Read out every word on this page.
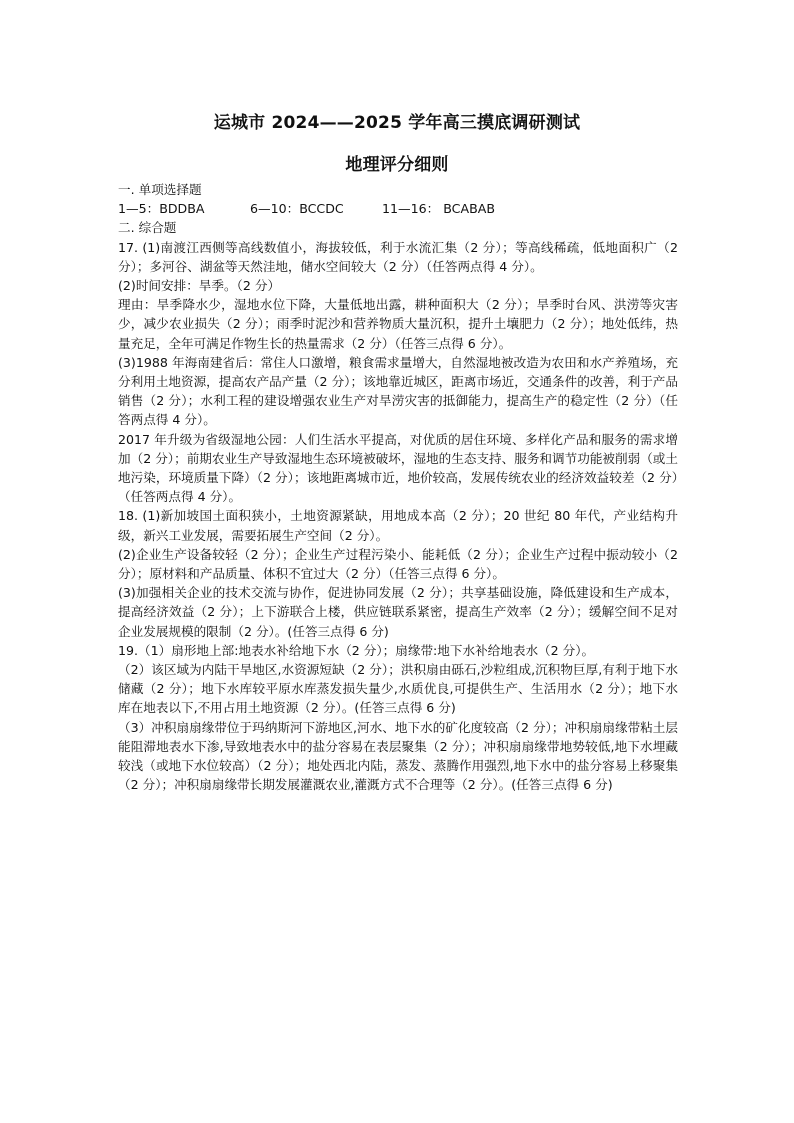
运城市 2024——2025 学年高三摸底调研测试
地理评分细则

一. 单项选择题

1—5：BDDBA	6—10：BCCDC	11—16： BCABAB

二. 综合题

17. (1)南渡江西侧等高线数值小，海拔较低，利于水流汇集（2 分）；等高线稀疏，低地面积广（2 分）；多河谷、湖盆等天然洼地，储水空间较大（2 分）（任答两点得 4 分）。

(2)时间安排：旱季。（2 分）

理由：旱季降水少，湿地水位下降，大量低地出露，耕种面积大（2 分）；旱季时台风、洪涝等灾害少，减少农业损失（2 分）；雨季时泥沙和营养物质大量沉积，提升土壤肥力（2 分）；地处低纬，热量充足，全年可满足作物生长的热量需求（2 分）（任答三点得 6 分）。

(3)1988 年海南建省后：常住人口激增，粮食需求量增大，自然湿地被改造为农田和水产养殖场，充分利用土地资源，提高农产品产量（2 分）；该地靠近城区，距离市场近，交通条件的改善，利于产品销售（2 分）；水利工程的建设增强农业生产对旱涝灾害的抵御能力，提高生产的稳定性（2 分）（任答两点得 4 分）。

2017 年升级为省级湿地公园：人们生活水平提高，对优质的居住环境、多样化产品和服务的需求增加（2 分）；前期农业生产导致湿地生态环境被破坏，湿地的生态支持、服务和调节功能被削弱（或土地污染，环境质量下降）（2 分）；该地距离城市近，地价较高，发展传统农业的经济效益较差（2 分）（任答两点得 4 分）。

18. (1)新加坡国土面积狭小，土地资源紧缺，用地成本高（2 分）；20 世纪 80 年代，产业结构升级，新兴工业发展，需要拓展生产空间（2 分）。

(2)企业生产设备较轻（2 分）；企业生产过程污染小、能耗低（2 分）；企业生产过程中振动较小（2 分）；原材料和产品质量、体积不宜过大（2 分）（任答三点得 6 分）。

(3)加强相关企业的技术交流与协作，促进协同发展（2 分）；共享基础设施，降低建设和生产成本，提高经济效益（2 分）；上下游联合上楼，供应链联系紧密，提高生产效率（2 分）；缓解空间不足对企业发展规模的限制（2 分）。(任答三点得 6 分)

19.（1）扇形地上部:地表水补给地下水（2 分）；扇缘带:地下水补给地表水（2 分）。

（2）该区域为内陆干旱地区,水资源短缺（2 分）；洪积扇由砾石,沙粒组成,沉积物巨厚,有利于地下水储藏（2 分）；地下水库较平原水库蒸发损失量少,水质优良,可提供生产、生活用水（2 分）；地下水库在地表以下,不用占用土地资源（2 分）。(任答三点得 6 分)

（3）冲积扇扇缘带位于玛纳斯河下游地区,河水、地下水的矿化度较高（2 分）；冲积扇扇缘带粘土层能阻滞地表水下渗,导致地表水中的盐分容易在表层聚集（2 分）；冲积扇扇缘带地势较低,地下水埋藏较浅（或地下水位较高）（2 分）；地处西北内陆，蒸发、蒸腾作用强烈,地下水中的盐分容易上移聚集（2 分）；冲积扇扇缘带长期发展灌溉农业,灌溉方式不合理等（2 分）。(任答三点得 6 分)
